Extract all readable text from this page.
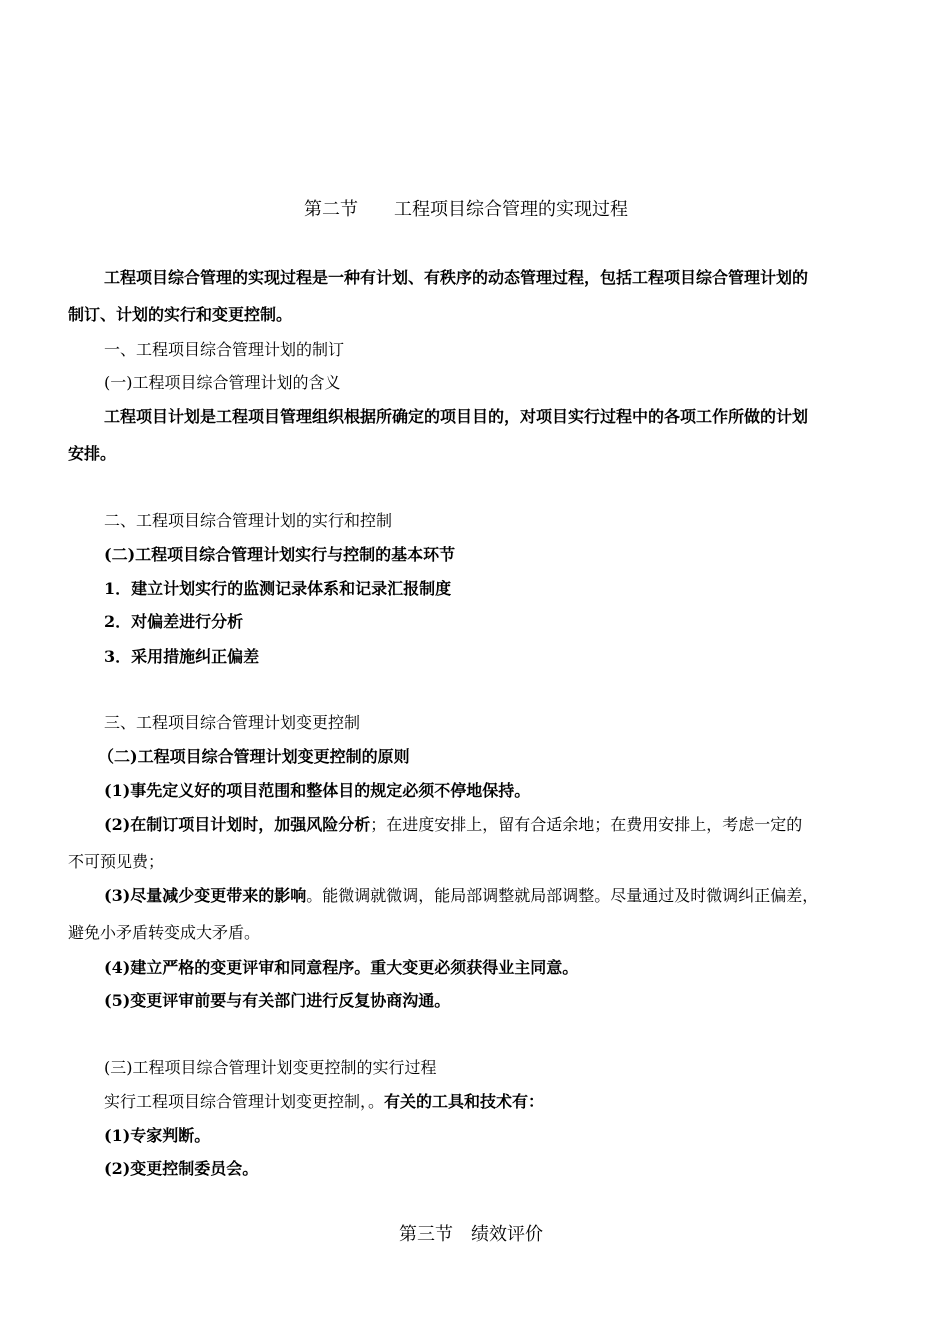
第二节　　工程项目综合管理的实现过程
工程项目综合管理的实现过程是一种有计划、有秩序的动态管理过程，包括工程项目综合管理计划的
制订、计划的实行和变更控制。
一、工程项目综合管理计划的制订
(一)工程项目综合管理计划的含义
工程项目计划是工程项目管理组织根据所确定的项目目的，对项目实行过程中的各项工作所做的计划
安排。
二、工程项目综合管理计划的实行和控制
(二)工程项目综合管理计划实行与控制的基本环节
1．建立计划实行的监测记录体系和记录汇报制度
2．对偏差进行分析
3．采用措施纠正偏差
三、工程项目综合管理计划变更控制
（二)工程项目综合管理计划变更控制的原则
(1)事先定义好的项目范围和整体目的规定必须不停地保持。
(2)在制订项目计划时，加强风险分析；在进度安排上，留有合适余地；在费用安排上，考虑一定的
不可预见费；
(3)尽量减少变更带来的影响。能微调就微调，能局部调整就局部调整。尽量通过及时微调纠正偏差，
避免小矛盾转变成大矛盾。
(4)建立严格的变更评审和同意程序。重大变更必须获得业主同意。
(5)变更评审前要与有关部门进行反复协商沟通。
(三)工程项目综合管理计划变更控制的实行过程
实行工程项目综合管理计划变更控制，。有关的工具和技术有：
(1)专家判断。
(2)变更控制委员会。
第三节　绩效评价
